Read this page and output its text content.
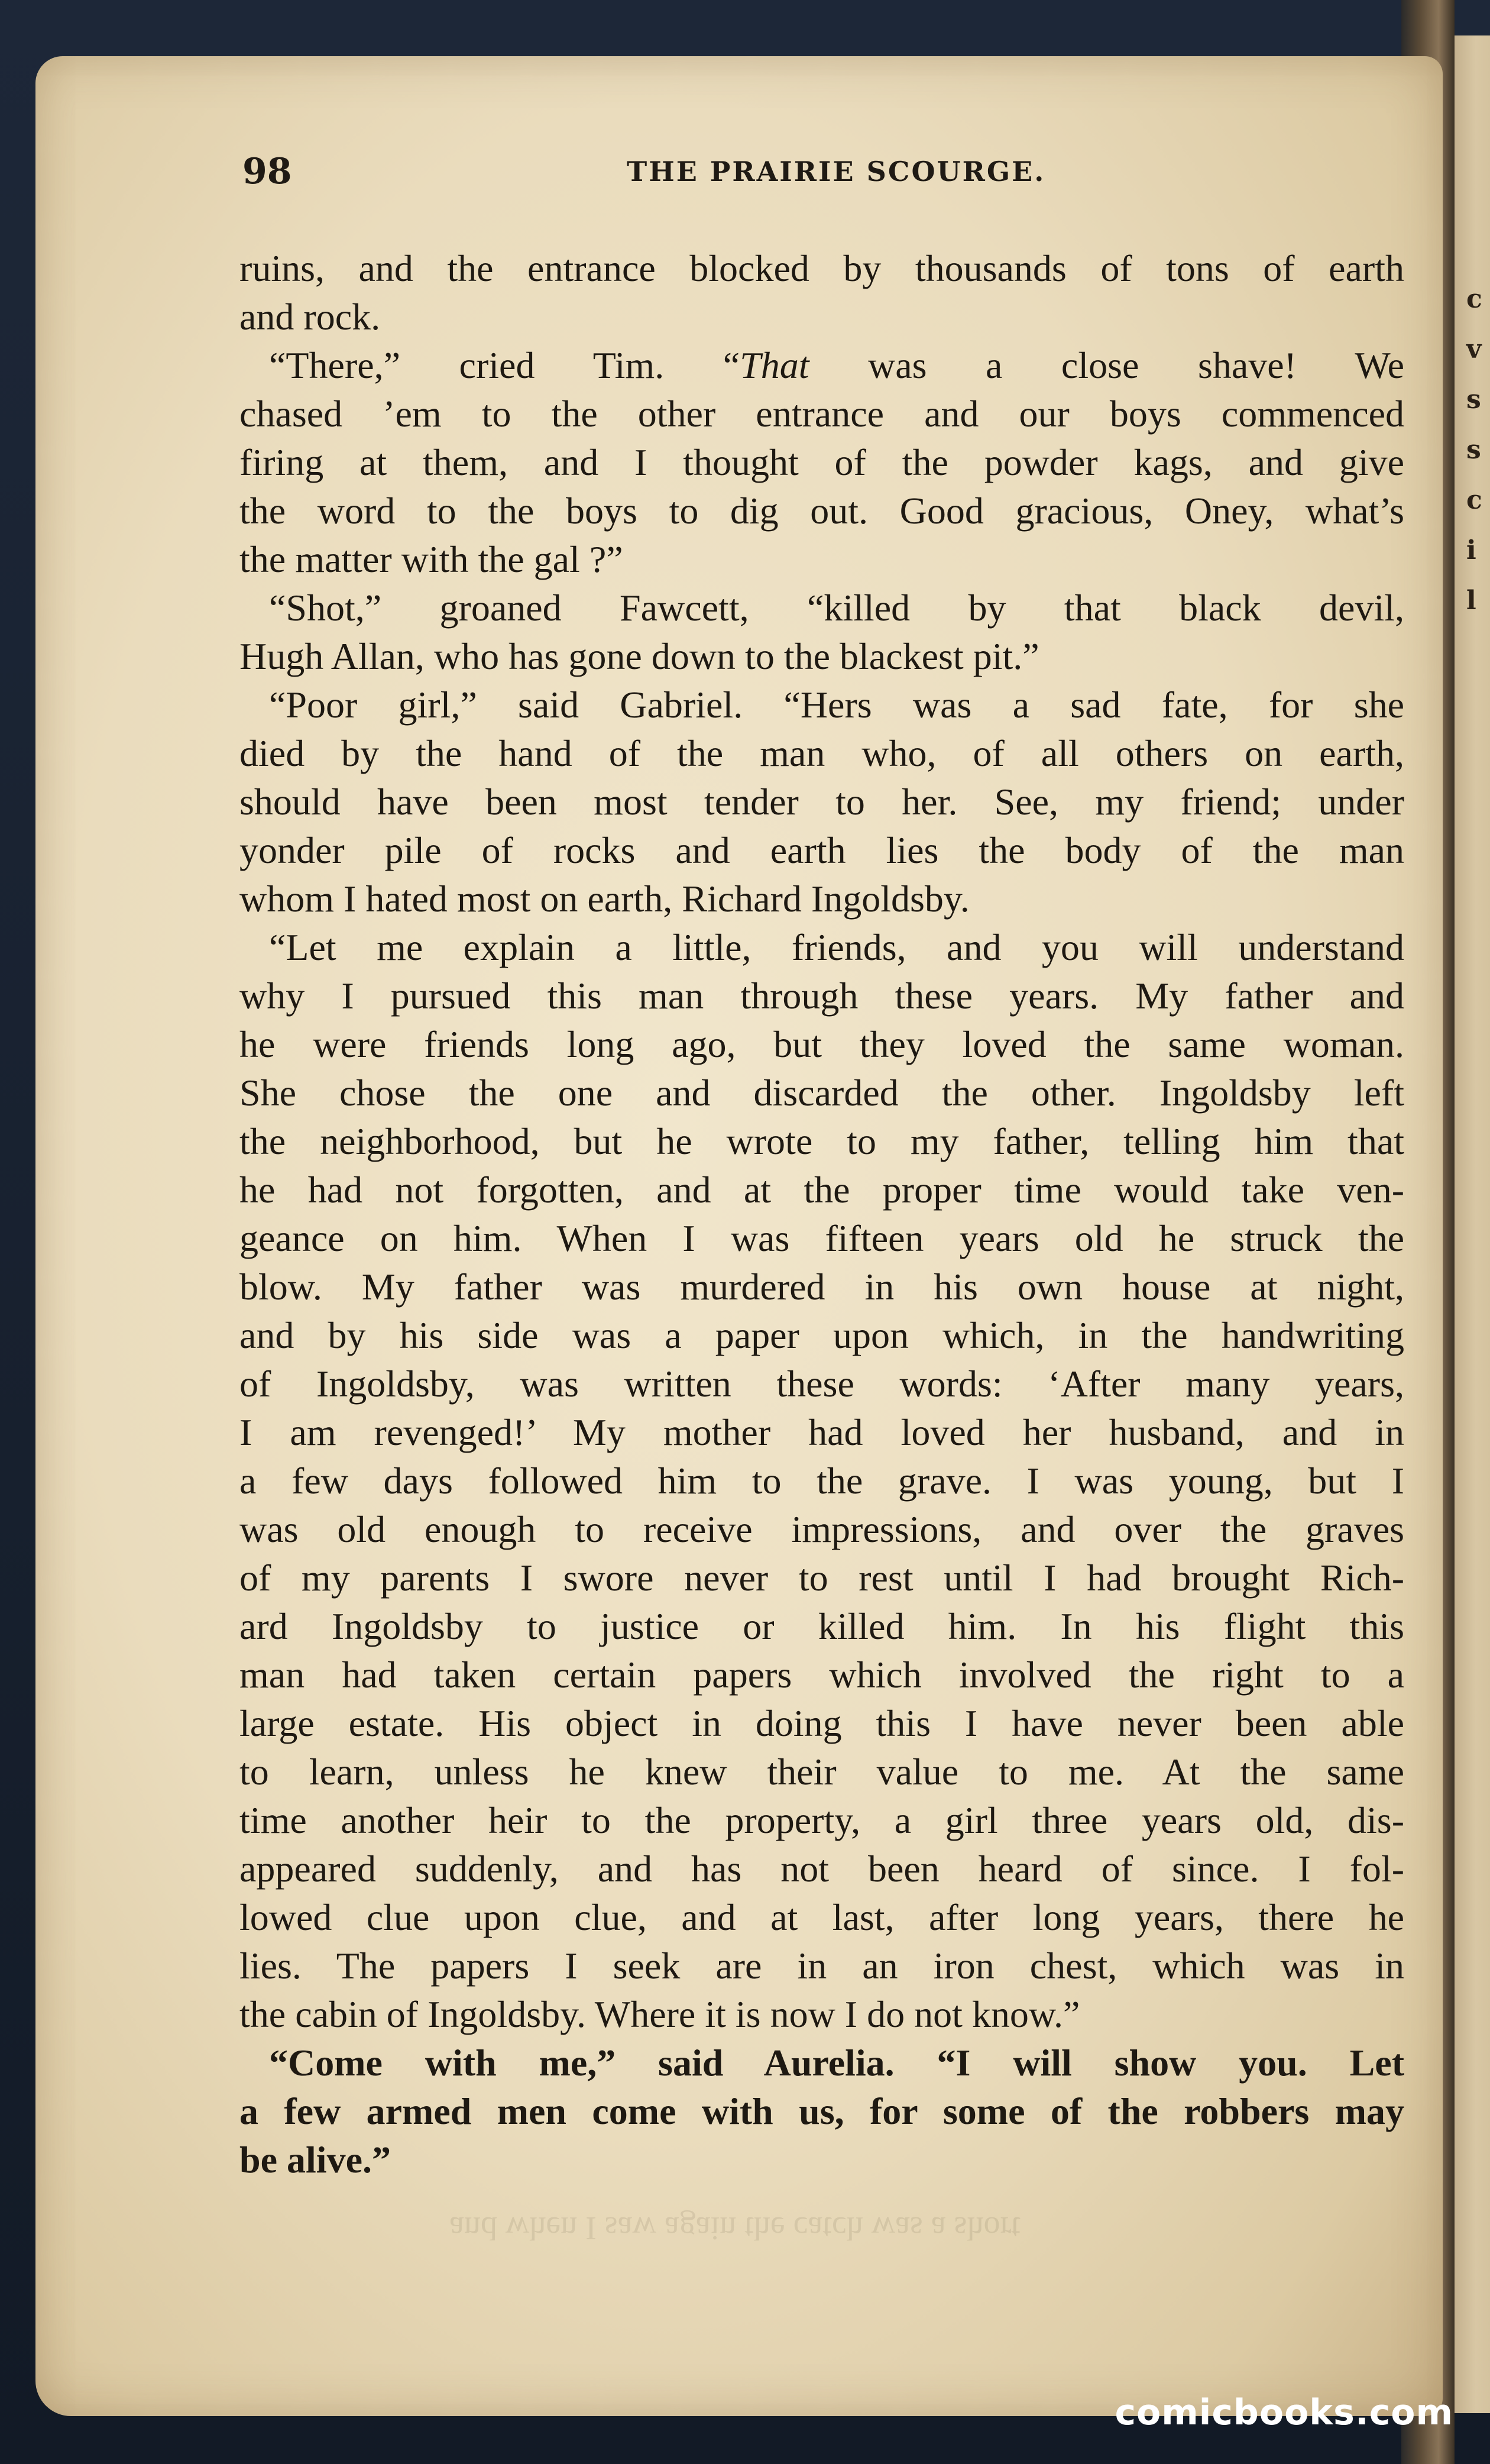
c
v
s
s
c
i
l
98	THE PRAIRIE SCOURGE.
ruins, and the entrance blocked by thousands of tons of earth
and rock.
“There,” cried Tim. “That was a close shave! We
chased ’em to the other entrance and our boys commenced
firing at them, and I thought of the powder kags, and give
the word to the boys to dig out. Good gracious, Oney, what’s
the matter with the gal ?”
“Shot,” groaned Fawcett, “killed by that black devil,
Hugh Allan, who has gone down to the blackest pit.”
“Poor girl,” said Gabriel. “Hers was a sad fate, for she
died by the hand of the man who, of all others on earth,
should have been most tender to her. See, my friend; under
yonder pile of rocks and earth lies the body of the man
whom I hated most on earth, Richard Ingoldsby.
“Let me explain a little, friends, and you will understand
why I pursued this man through these years. My father and
he were friends long ago, but they loved the same woman.
She chose the one and discarded the other. Ingoldsby left
the neighborhood, but he wrote to my father, telling him that
he had not forgotten, and at the proper time would take ven-
geance on him. When I was fifteen years old he struck the
blow. My father was murdered in his own house at night,
and by his side was a paper upon which, in the handwriting
of Ingoldsby, was written these words: ‘After many years,
I am revenged!’ My mother had loved her husband, and in
a few days followed him to the grave. I was young, but I
was old enough to receive impressions, and over the graves
of my parents I swore never to rest until I had brought Rich-
ard Ingoldsby to justice or killed him. In his flight this
man had taken certain papers which involved the right to a
large estate. His object in doing this I have never been able
to learn, unless he knew their value to me. At the same
time another heir to the property, a girl three years old, dis-
appeared suddenly, and has not been heard of since. I fol-
lowed clue upon clue, and at last, after long years, there he
lies. The papers I seek are in an iron chest, which was in
the cabin of Ingoldsby. Where it is now I do not know.”
“Come with me,” said Aurelia. “I will show you. Let
a few armed men come with us, for some of the robbers may
be alive.”
and when I saw again the catch was a short
comicbooks.com
